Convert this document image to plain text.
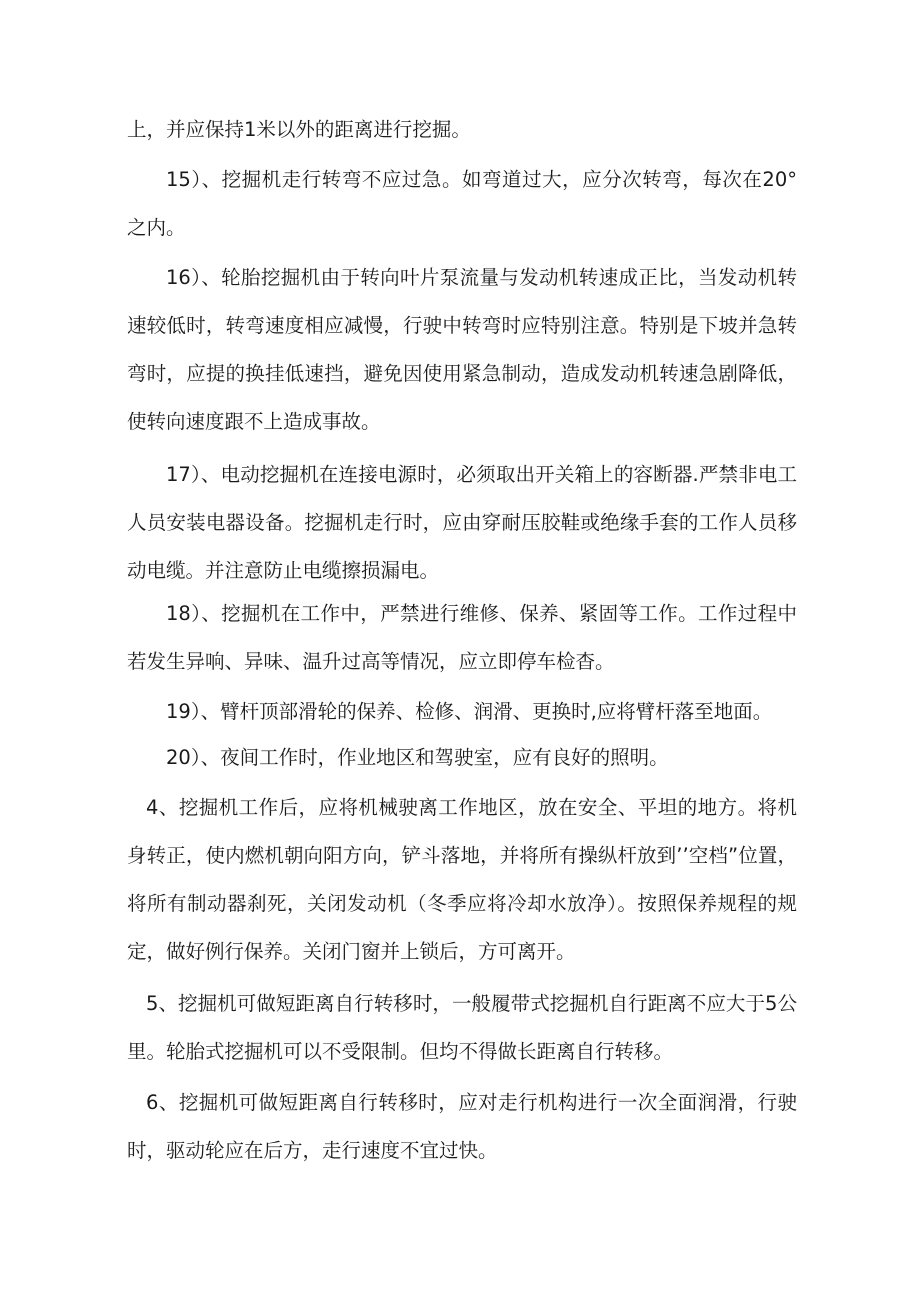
上，并应保持1米以外的距离进行挖掘。

15）、挖掘机走行转弯不应过急。如弯道过大，应分次转弯，每次在20°之内。

16）、轮胎挖掘机由于转向叶片泵流量与发动机转速成正比，当发动机转速较低时，转弯速度相应减慢，行驶中转弯时应特别注意。特别是下坡并急转弯时，应提的换挂低速挡，避免因使用紧急制动，造成发动机转速急剧降低，使转向速度跟不上造成事故。

17）、电动挖掘机在连接电源时，必须取出开关箱上的容断器.严禁非电工人员安装电器设备。挖掘机走行时，应由穿耐压胶鞋或绝缘手套的工作人员移动电缆。并注意防止电缆擦损漏电。

18）、挖掘机在工作中，严禁进行维修、保养、紧固等工作。工作过程中若发生异响、异味、温升过高等情况，应立即停车检杳。

19）、臂杆顶部滑轮的保养、检修、润滑、更换时,应将臂杆落至地面。

20）、夜间工作时，作业地区和驾驶室，应有良好的照明。

4、挖掘机工作后，应将机械驶离工作地区，放在安全、平坦的地方。将机身转正，使内燃机朝向阳方向，铲斗落地，并将所有操纵杆放到’’空档”位置，将所有制动器刹死，关闭发动机（冬季应将冷却水放净）。按照保养规程的规定，做好例行保养。关闭门窗并上锁后，方可离开。

5、挖掘机可做短距离自行转移时，一般履带式挖掘机自行距离不应大于5公里。轮胎式挖掘机可以不受限制。但均不得做长距离自行转移。

6、挖掘机可做短距离自行转移时，应对走行机构进行一次全面润滑，行驶时，驱动轮应在后方，走行速度不宜过快。
